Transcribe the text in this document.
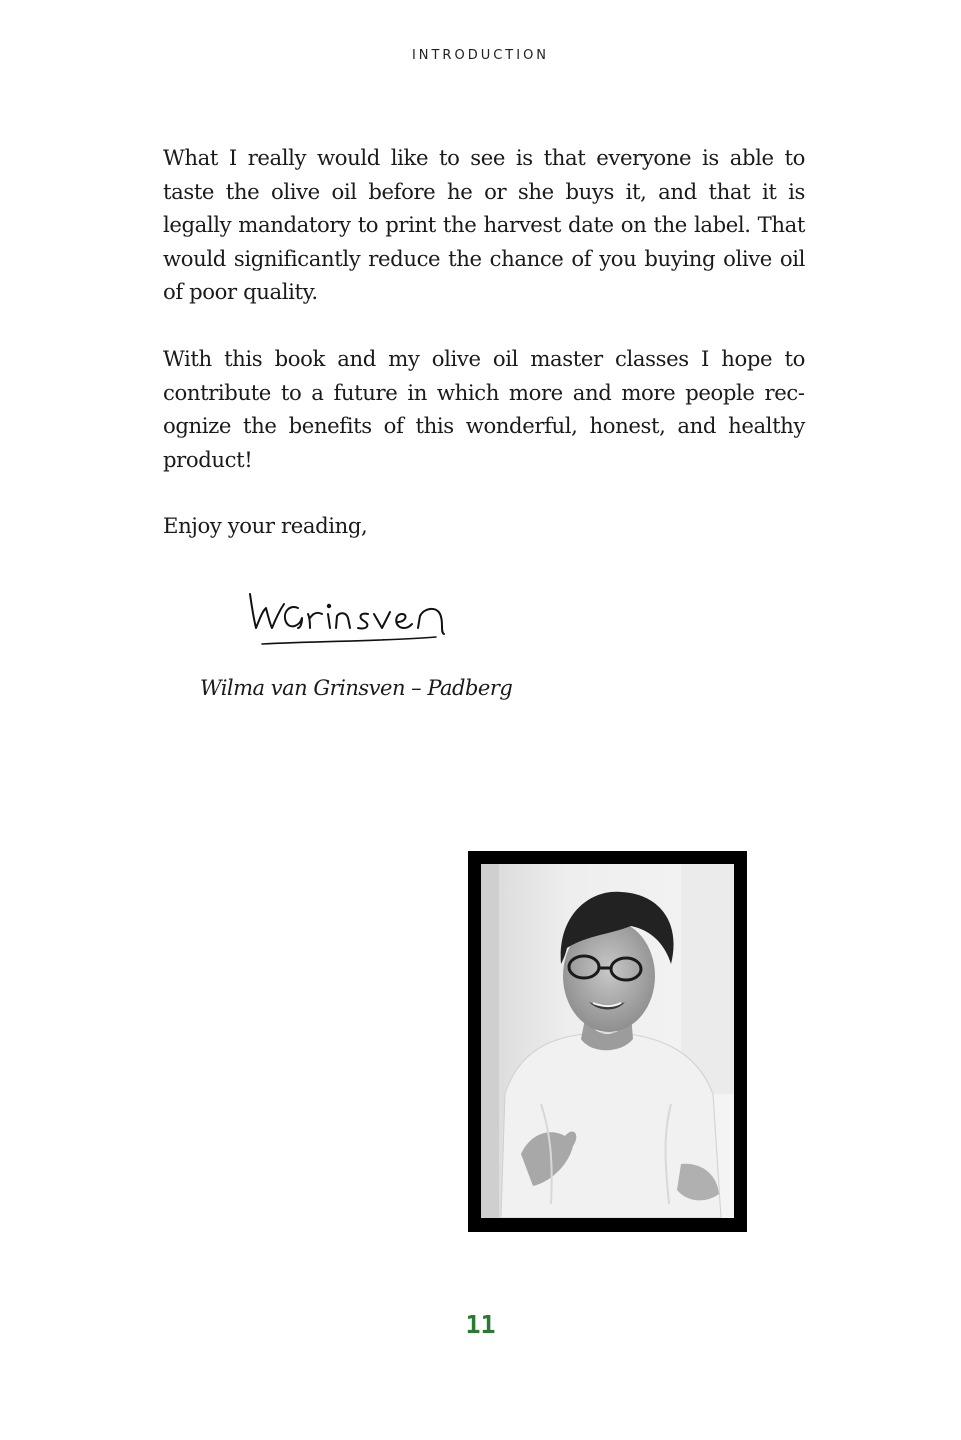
INTRODUCTION

What I really would like to see is that everyone is able to taste the olive oil before he or she buys it, and that it is legally mandatory to print the harvest date on the label. That would significantly reduce the chance of you buying olive oil of poor quality.

With this book and my olive oil master classes I hope to contribute to a future in which more and more people recognize the benefits of this wonderful, honest, and healthy product!

Enjoy your reading,

Wilma van Grinsven – Padberg
11
